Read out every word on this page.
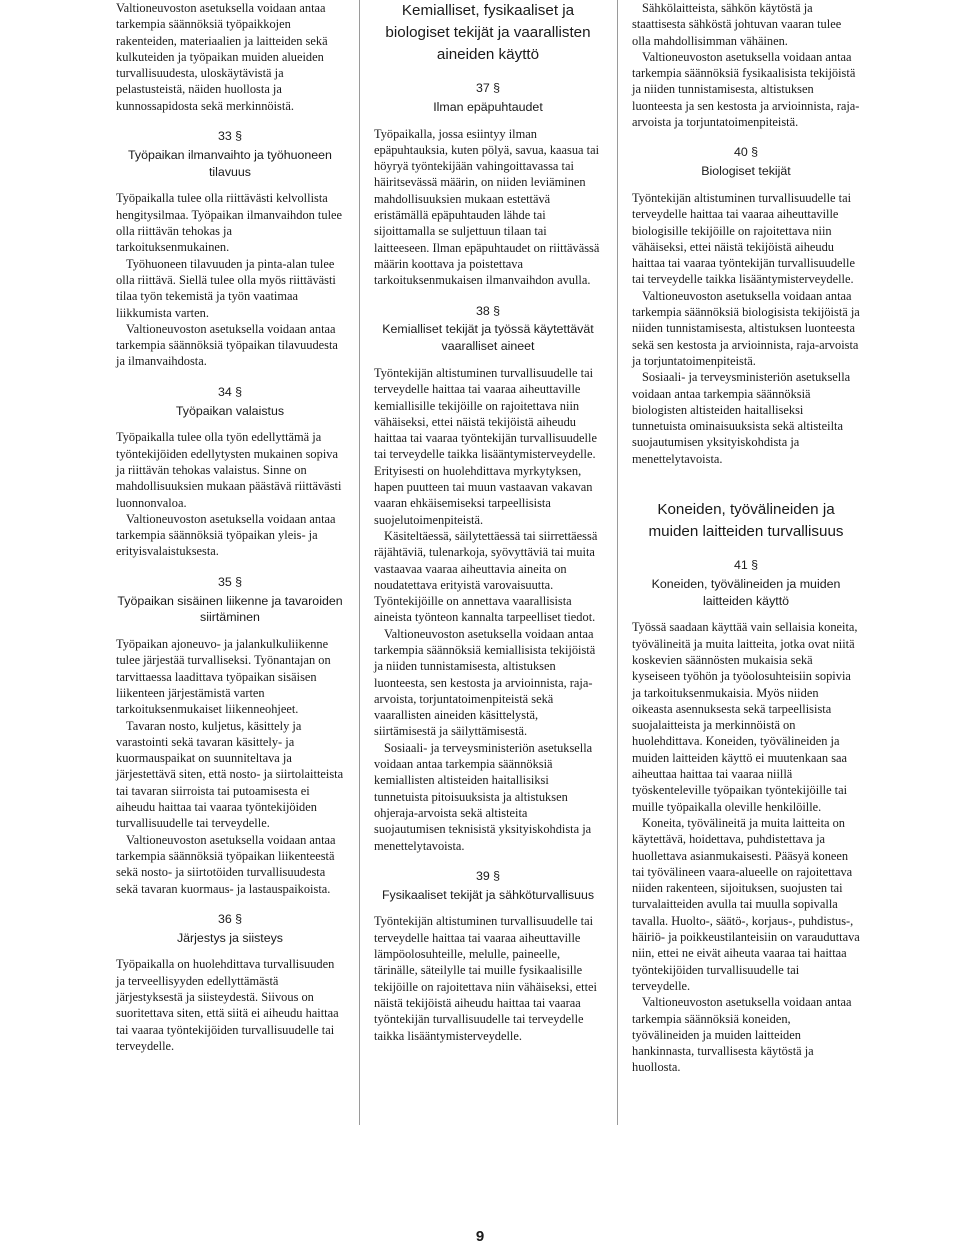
Valtioneuvoston asetuksella voidaan antaa tarkempia säännöksiä työpaikkojen rakenteiden, materiaalien ja laitteiden sekä kulkuteiden ja työpaikan muiden alueiden turvallisuudesta, uloskäytävistä ja pelastusteistä, näiden huollosta ja kunnossapidosta sekä merkinnöistä.

33 §
Työpaikan ilmanvaihto ja työhuoneen tilavuus

Työpaikalla tulee olla riittävästi kelvollista hengitysilmaa. Työpaikan ilmanvaihdon tulee olla riittävän tehokas ja tarkoituksenmukainen.

Työhuoneen tilavuuden ja pinta-alan tulee olla riittävä. Siellä tulee olla myös riittävästi tilaa työn tekemistä ja työn vaatimaa liikkumista varten.

Valtioneuvoston asetuksella voidaan antaa tarkempia säännöksiä työpaikan tilavuudesta ja ilmanvaihdosta.

34 §
Työpaikan valaistus

Työpaikalla tulee olla työn edellyttämä ja työntekijöiden edellytysten mukainen sopiva ja riittävän tehokas valaistus. Sinne on mahdollisuuksien mukaan päästävä riittävästi luonnonvaloa.

Valtioneuvoston asetuksella voidaan antaa tarkempia säännöksiä työpaikan yleis- ja erityisvalaistuksesta.

35 §
Työpaikan sisäinen liikenne ja tavaroiden siirtäminen

Työpaikan ajoneuvo- ja jalankulkuliikenne tulee järjestää turvalliseksi. Työnantajan on tarvittaessa laadittava työpaikan sisäisen liikenteen järjestämistä varten tarkoituksenmukaiset liikenneohjeet.

Tavaran nosto, kuljetus, käsittely ja varastointi sekä tavaran käsittely- ja kuormauspaikat on suunniteltava ja järjestettävä siten, että nosto- ja siirtolaitteista tai tavaran siirroista tai putoamisesta ei aiheudu haittaa tai vaaraa työntekijöiden turvallisuudelle tai terveydelle.

Valtioneuvoston asetuksella voidaan antaa tarkempia säännöksiä työpaikan liikenteestä sekä nosto- ja siirtotöiden turvallisuudesta sekä tavaran kuormaus- ja lastauspaikoista.

36 §
Järjestys ja siisteys

Työpaikalla on huolehdittava turvallisuuden ja terveellisyyden edellyttämästä järjestyksestä ja siisteydestä. Siivous on suoritettava siten, että siitä ei aiheudu haittaa tai vaaraa työntekijöiden turvallisuudelle tai terveydelle.

Kemialliset, fysikaaliset ja biologiset tekijät ja vaarallisten aineiden käyttö
37 §
Ilman epäpuhtaudet

Työpaikalla, jossa esiintyy ilman epäpuhtauksia, kuten pölyä, savua, kaasua tai höyryä työntekijään vahingoittavassa tai häiritsevässä määrin, on niiden leviäminen mahdollisuuksien mukaan estettävä eristämällä epäpuhtauden lähde tai sijoittamalla se suljettuun tilaan tai laitteeseen. Ilman epäpuhtaudet on riittävässä määrin koottava ja poistettava tarkoituksenmukaisen ilmanvaihdon avulla.

38 §
Kemialliset tekijät ja työssä käytettävät vaaralliset aineet

Työntekijän altistuminen turvallisuudelle tai terveydelle haittaa tai vaaraa aiheuttaville kemiallisille tekijöille on rajoitettava niin vähäiseksi, ettei näistä tekijöistä aiheudu haittaa tai vaaraa työntekijän turvallisuudelle tai terveydelle taikka lisääntymisterveydelle. Erityisesti on huolehdittava myrkytyksen, hapen puutteen tai muun vastaavan vakavan vaaran ehkäisemiseksi tarpeellisista suojelutoimenpiteistä.

Käsiteltäessä, säilytettäessä tai siirrettäessä räjähtäviä, tulenarkoja, syövyttäviä tai muita vastaavaa vaaraa aiheuttavia aineita on noudatettava erityistä varovaisuutta. Työntekijöille on annettava vaarallisista aineista työnteon kannalta tarpeelliset tiedot.

Valtioneuvoston asetuksella voidaan antaa tarkempia säännöksiä kemiallisista tekijöistä ja niiden tunnistamisesta, altistuksen luonteesta, sen kestosta ja arvioinnista, raja-arvoista, torjuntatoimenpiteistä sekä vaarallisten aineiden käsittelystä, siirtämisestä ja säilyttämisestä.

Sosiaali- ja terveysministeriön asetuksella voidaan antaa tarkempia säännöksiä kemiallisten altisteiden haitallisiksi tunnetuista pitoisuuksista ja altistuksen ohjeraja-arvoista sekä altisteita suojautumisen teknisistä yksityiskohdista ja menettelytavoista.

39 §
Fysikaaliset tekijät ja sähköturvallisuus

Työntekijän altistuminen turvallisuudelle tai terveydelle haittaa tai vaaraa aiheuttaville lämpöolosuhteille, melulle, paineelle, tärinälle, säteilylle tai muille fysikaalisille tekijöille on rajoitettava niin vähäiseksi, ettei näistä tekijöistä aiheudu haittaa tai vaaraa työntekijän turvallisuudelle tai terveydelle taikka lisääntymisterveydelle.

Sähkölaitteista, sähkön käytöstä ja staattisesta sähköstä johtuvan vaaran tulee olla mahdollisimman vähäinen.

Valtioneuvoston asetuksella voidaan antaa tarkempia säännöksiä fysikaalisista tekijöistä ja niiden tunnistamisesta, altistuksen luonteesta ja sen kestosta ja arvioinnista, raja-arvoista ja torjuntatoimenpiteistä.

40 §
Biologiset tekijät

Työntekijän altistuminen turvallisuudelle tai terveydelle haittaa tai vaaraa aiheuttaville biologisille tekijöille on rajoitettava niin vähäiseksi, ettei näistä tekijöistä aiheudu haittaa tai vaaraa työntekijän turvallisuudelle tai terveydelle taikka lisääntymisterveydelle.

Valtioneuvoston asetuksella voidaan antaa tarkempia säännöksiä biologisista tekijöistä ja niiden tunnistamisesta, altistuksen luonteesta sekä sen kestosta ja arvioinnista, raja-arvoista ja torjuntatoimenpiteistä.

Sosiaali- ja terveysministeriön asetuksella voidaan antaa tarkempia säännöksiä biologisten altisteiden haitalliseksi tunnetuista ominaisuuksista sekä altisteilta suojautumisen yksityiskohdista ja menettelytavoista.

Koneiden, työvälineiden ja muiden laitteiden turvallisuus
41 §
Koneiden, työvälineiden ja muiden laitteiden käyttö

Työssä saadaan käyttää vain sellaisia koneita, työvälineitä ja muita laitteita, jotka ovat niitä koskevien säännösten mukaisia sekä kyseiseen työhön ja työolosuhteisiin sopivia ja tarkoituksenmukaisia. Myös niiden oikeasta asennuksesta sekä tarpeellisista suojalaitteista ja merkinnöistä on huolehdittava. Koneiden, työvälineiden ja muiden laitteiden käyttö ei muutenkaan saa aiheuttaa haittaa tai vaaraa niillä työskenteleville työpaikan työntekijöille tai muille työpaikalla oleville henkilöille.

Koneita, työvälineitä ja muita laitteita on käytettävä, hoidettava, puhdistettava ja huollettava asianmukaisesti. Pääsyä koneen tai työvälineen vaara-alueelle on rajoitettava niiden rakenteen, sijoituksen, suojusten tai turvalaitteiden avulla tai muulla sopivalla tavalla. Huolto-, säätö-, korjaus-, puhdistus-, häiriö- ja poikkeustilanteisiin on varauduttava niin, ettei ne eivät aiheuta vaaraa tai haittaa työntekijöiden turvallisuudelle tai terveydelle.

Valtioneuvoston asetuksella voidaan antaa tarkempia säännöksiä koneiden, työvälineiden ja muiden laitteiden hankinnasta, turvallisesta käytöstä ja huollosta.

9
